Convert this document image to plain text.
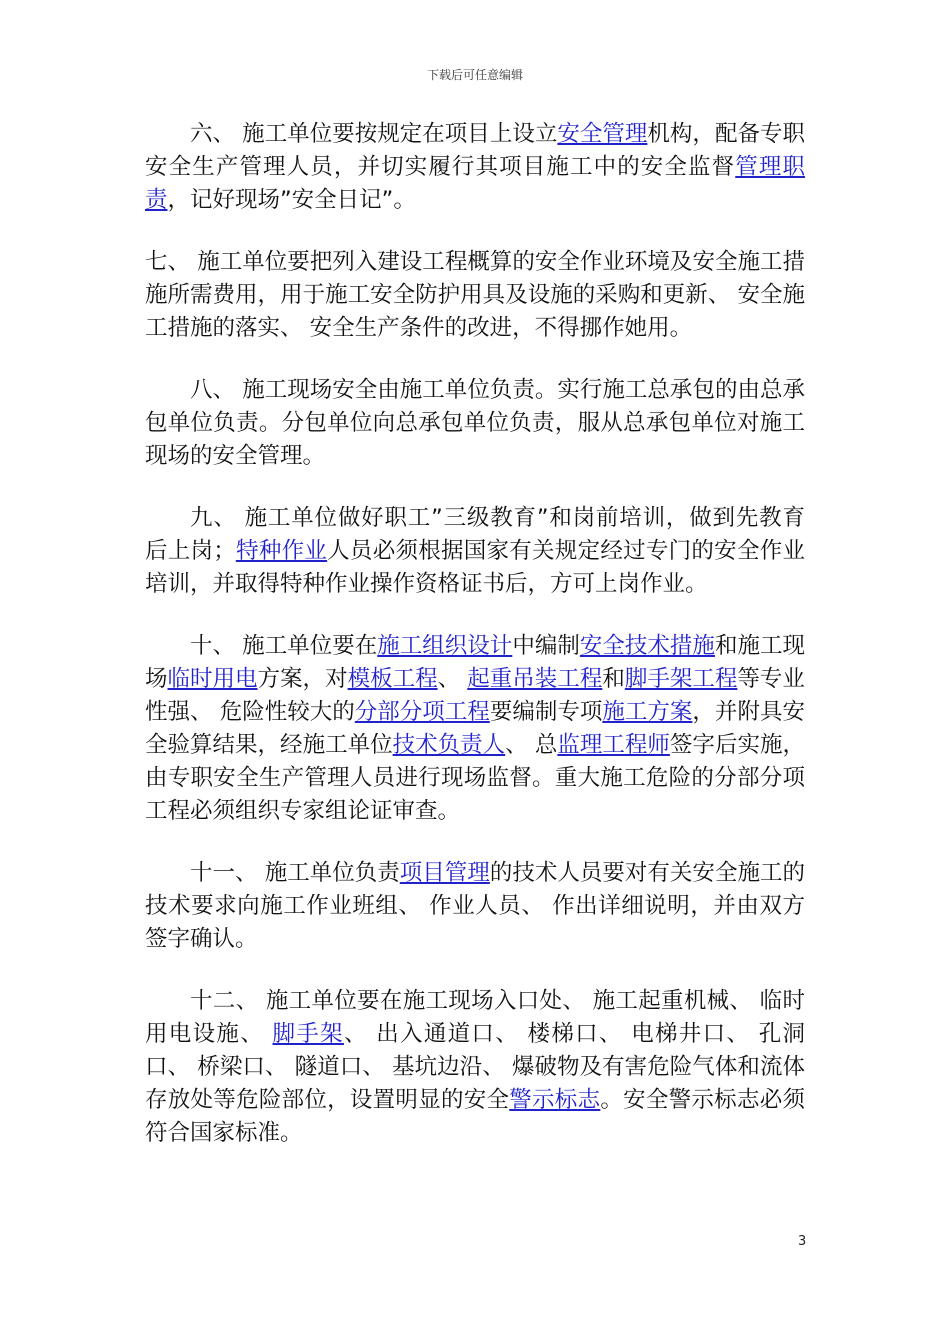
下载后可任意编辑

六、 施工单位要按规定在项目上设立安全管理机构，配备专职安全生产管理人员，并切实履行其项目施工中的安全监督管理职责，记好现场”安全日记”。

七、 施工单位要把列入建设工程概算的安全作业环境及安全施工措施所需费用，用于施工安全防护用具及设施的采购和更新、 安全施工措施的落实、 安全生产条件的改进，不得挪作她用。

八、 施工现场安全由施工单位负责。实行施工总承包的由总承包单位负责。分包单位向总承包单位负责，服从总承包单位对施工现场的安全管理。

九、 施工单位做好职工”三级教育”和岗前培训，做到先教育后上岗；特种作业人员必须根据国家有关规定经过专门的安全作业培训，并取得特种作业操作资格证书后，方可上岗作业。

十、 施工单位要在施工组织设计中编制安全技术措施和施工现场临时用电方案，对模板工程、 起重吊装工程和脚手架工程等专业性强、 危险性较大的分部分项工程要编制专项施工方案，并附具安全验算结果，经施工单位技术负责人、 总监理工程师签字后实施，由专职安全生产管理人员进行现场监督。重大施工危险的分部分项工程必须组织专家组论证审查。

十一、 施工单位负责项目管理的技术人员要对有关安全施工的技术要求向施工作业班组、 作业人员、 作出详细说明，并由双方签字确认。

十二、 施工单位要在施工现场入口处、 施工起重机械、 临时用电设施、 脚手架、 出入通道口、 楼梯口、 电梯井口、 孔洞口、 桥梁口、 隧道口、 基坑边沿、 爆破物及有害危险气体和流体存放处等危险部位，设置明显的安全警示标志。安全警示标志必须符合国家标准。

3
